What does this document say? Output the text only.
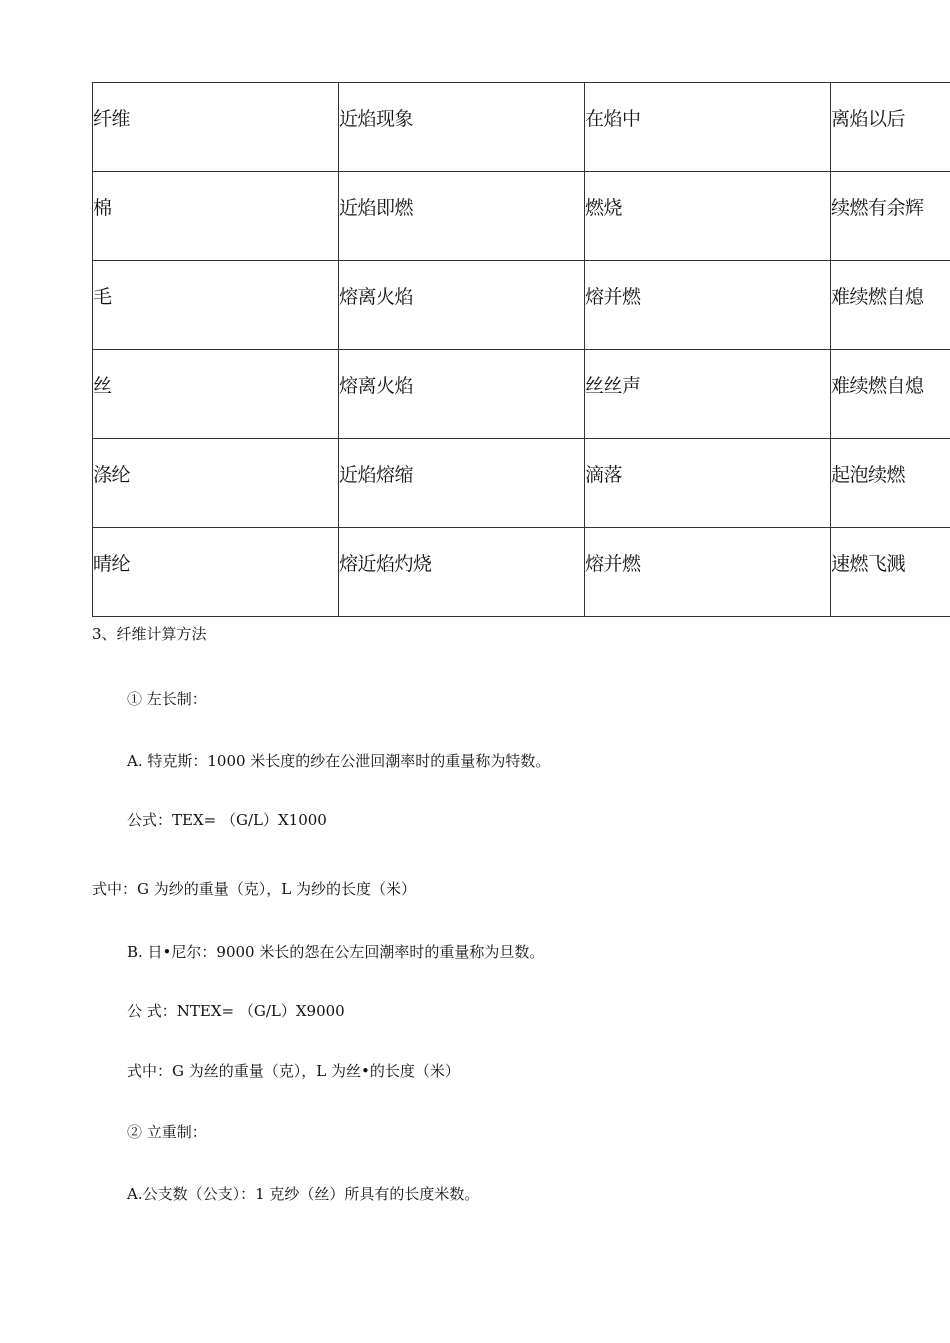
纤维	近焰现象	在焰中	离焰以后
棉	近焰即燃	燃烧	续燃有余辉
毛	熔离火焰	熔并燃	难续燃自熄
丝	熔离火焰	丝丝声	难续燃自熄
涤纶	近焰熔缩	滴落	起泡续燃
晴纶	熔近焰灼烧	熔并燃	速燃飞溅
3、纤维计算方法
① 左长制：
A. 特克斯：1000 米长度的纱在公泄回潮率时的重量称为特数。
公式：TEX= （G/L）X1000
式中：G 为纱的重量（克），L 为纱的长度（米）
B. 日•尼尔：9000 米长的怨在公左回潮率时的重量称为旦数。
公 式：NTEX= （G/L）X9000
式中：G 为丝的重量（克），L 为丝•的长度（米）
② 立重制：
A.公支数（公支）：1 克纱（丝）所具有的长度米数。
